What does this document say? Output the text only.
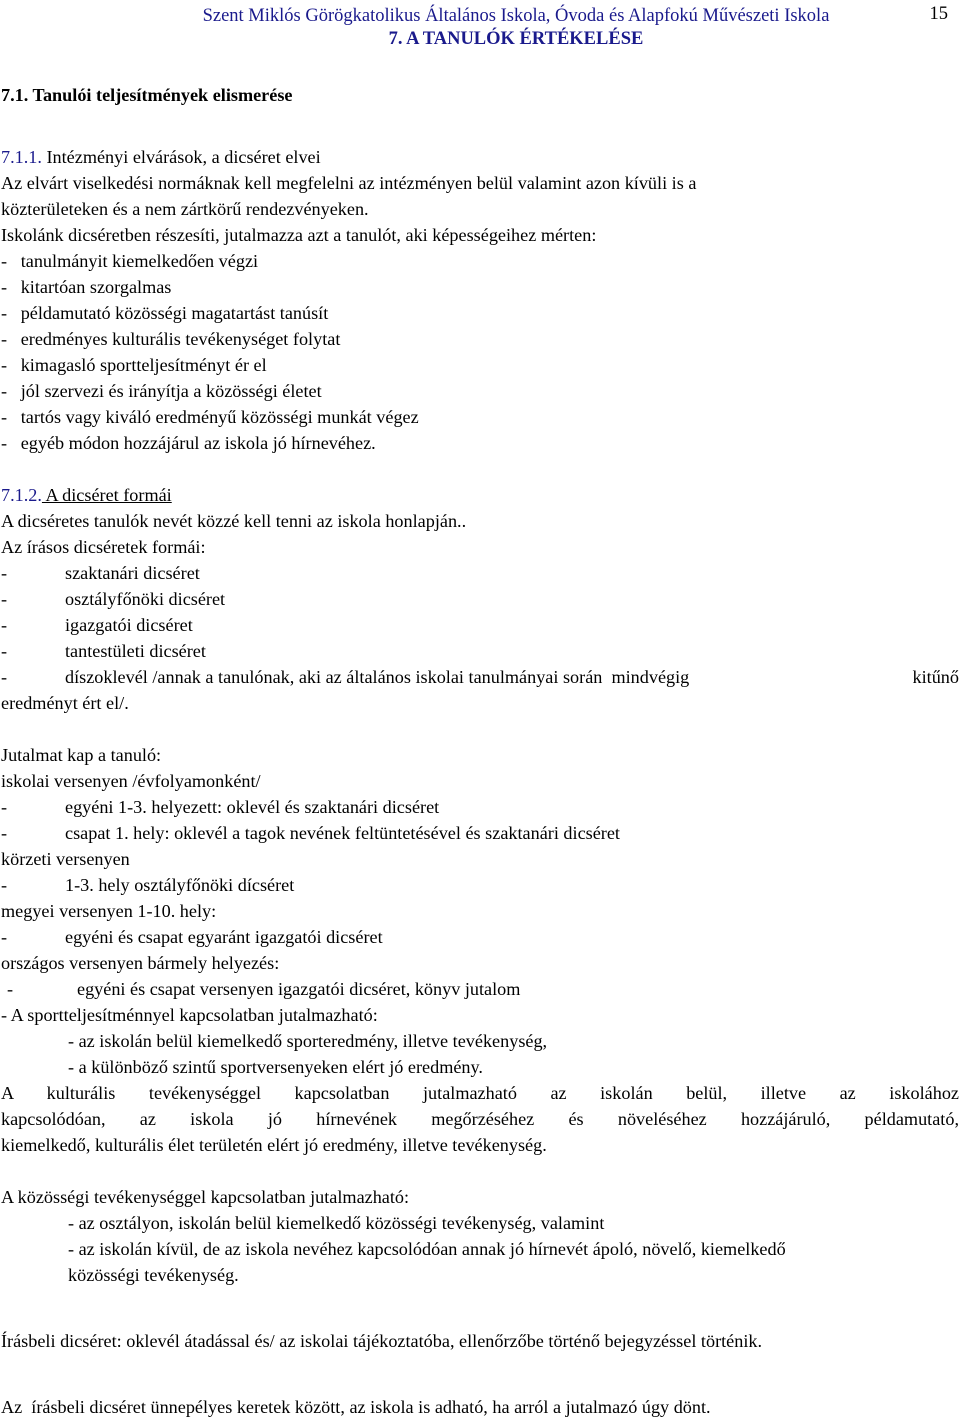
Szent Miklós Görögkatolikus Általános Iskola, Óvoda és Alapfokú Művészeti Iskola
7. A TANULÓK ÉRTÉKELÉSE
15
7.1. Tanulói teljesítmények elismerése
7.1.1. Intézményi elvárások, a dicséret elvei
Az elvárt viselkedési normáknak kell megfelelni az intézményen belül valamint azon kívüli is a
közterületeken és a nem zártkörű rendezvényeken.
Iskolánk dicséretben részesíti, jutalmazza azt a tanulót, aki képességeihez mérten:
-   tanulmányit kiemelkedően végzi
-   kitartóan szorgalmas
-   példamutató közösségi magatartást tanúsít
-   eredményes kulturális tevékenységet folytat
-   kimagasló sportteljesítményt ér el
-   jól szervezi és irányítja a közösségi életet
-   tartós vagy kiváló eredményű közösségi munkát végez
-   egyéb módon hozzájárul az iskola jó hírnevéhez.
7.1.2. A dicséret formái
A dicséretes tanulók nevét közzé kell tenni az iskola honlapján..
Az írásos dicséretek formái:
-	szaktanári dicséret
-	osztályfőnöki dicséret
-	igazgatói dicséret
-	tantestületi dicséret
-	díszoklevél /annak a tanulónak, aki az általános iskolai tanulmányai során  mindvégig	kitűnő
eredményt ért el/.
Jutalmat kap a tanuló:
iskolai versenyen /évfolyamonként/
-	egyéni 1-3. helyezett: oklevél és szaktanári dicséret
-	csapat 1. hely: oklevél a tagok nevének feltüntetésével és szaktanári dicséret
körzeti versenyen
-	1-3. hely osztályfőnöki dícséret
megyei versenyen 1-10. hely:
-	egyéni és csapat egyaránt igazgatói dicséret
országos versenyen bármely helyezés:
-	egyéni és csapat versenyen igazgatói dicséret, könyv jutalom
- A sportteljesítménnyel kapcsolatban jutalmazható:
- az iskolán belül kiemelkedő sporteredmény, illetve tevékenység,
- a különböző szintű sportversenyeken elért jó eredmény.
A kulturális tevékenységgel kapcsolatban jutalmazható az iskolán belül, illetve az iskolához
kapcsolódóan, az iskola jó hírnevének megőrzéséhez és növeléséhez hozzájáruló, példamutató,
kiemelkedő, kulturális élet területén elért jó eredmény, illetve tevékenység.
A közösségi tevékenységgel kapcsolatban jutalmazható:
- az osztályon, iskolán belül kiemelkedő közösségi tevékenység, valamint
- az iskolán kívül, de az iskola nevéhez kapcsolódóan annak jó hírnevét ápoló, növelő, kiemelkedő
közösségi tevékenység.
Írásbeli dicséret: oklevél átadással és/ az iskolai tájékoztatóba, ellenőrzőbe történő bejegyzéssel történik.
Az  írásbeli dicséret ünnepélyes keretek között, az iskola is adható, ha arról a jutalmazó úgy dönt.
